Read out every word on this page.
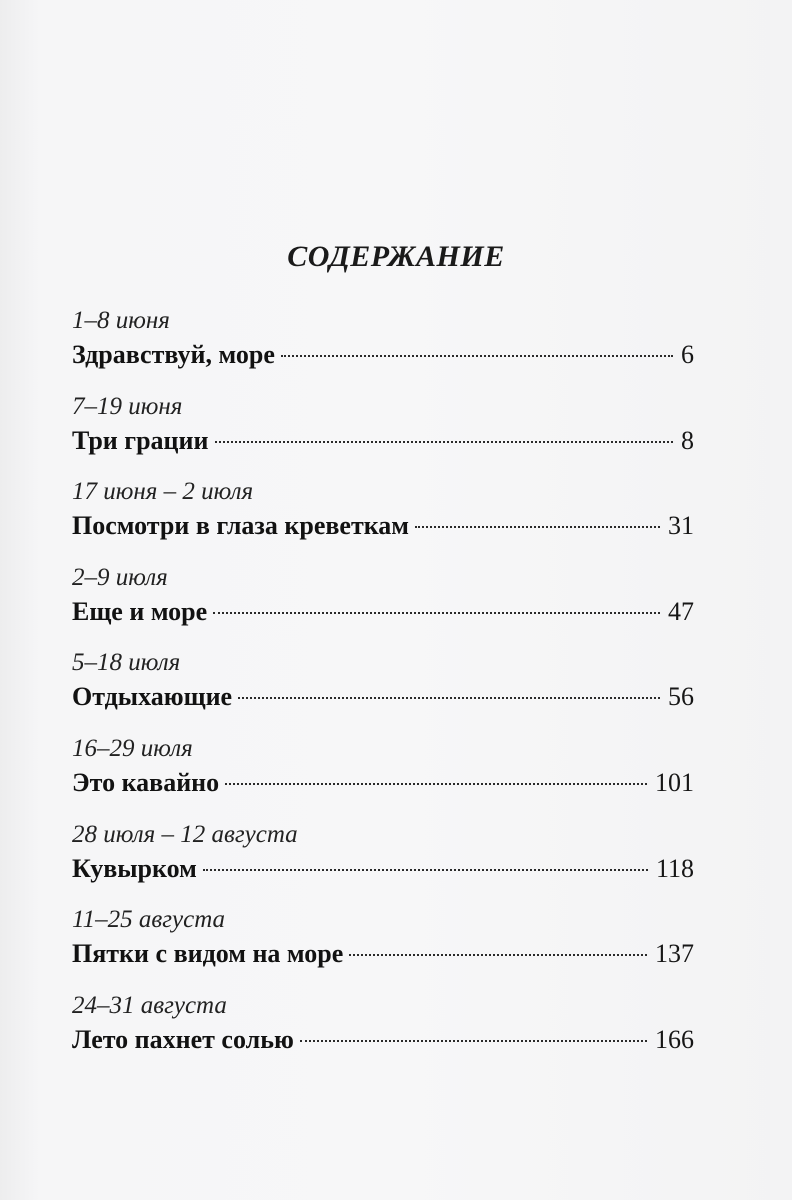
СОДЕРЖАНИЕ
1–8 июня
Здравствуй, море	6
7–19 июня
Три грации	8
17 июня – 2 июля
Посмотри в глаза креветкам	31
2–9 июля
Еще и море	47
5–18 июля
Отдыхающие	56
16–29 июля
Это кавайно	101
28 июля – 12 августа
Кувырком	118
11–25 августа
Пятки с видом на море	137
24–31 августа
Лето пахнет солью	166
